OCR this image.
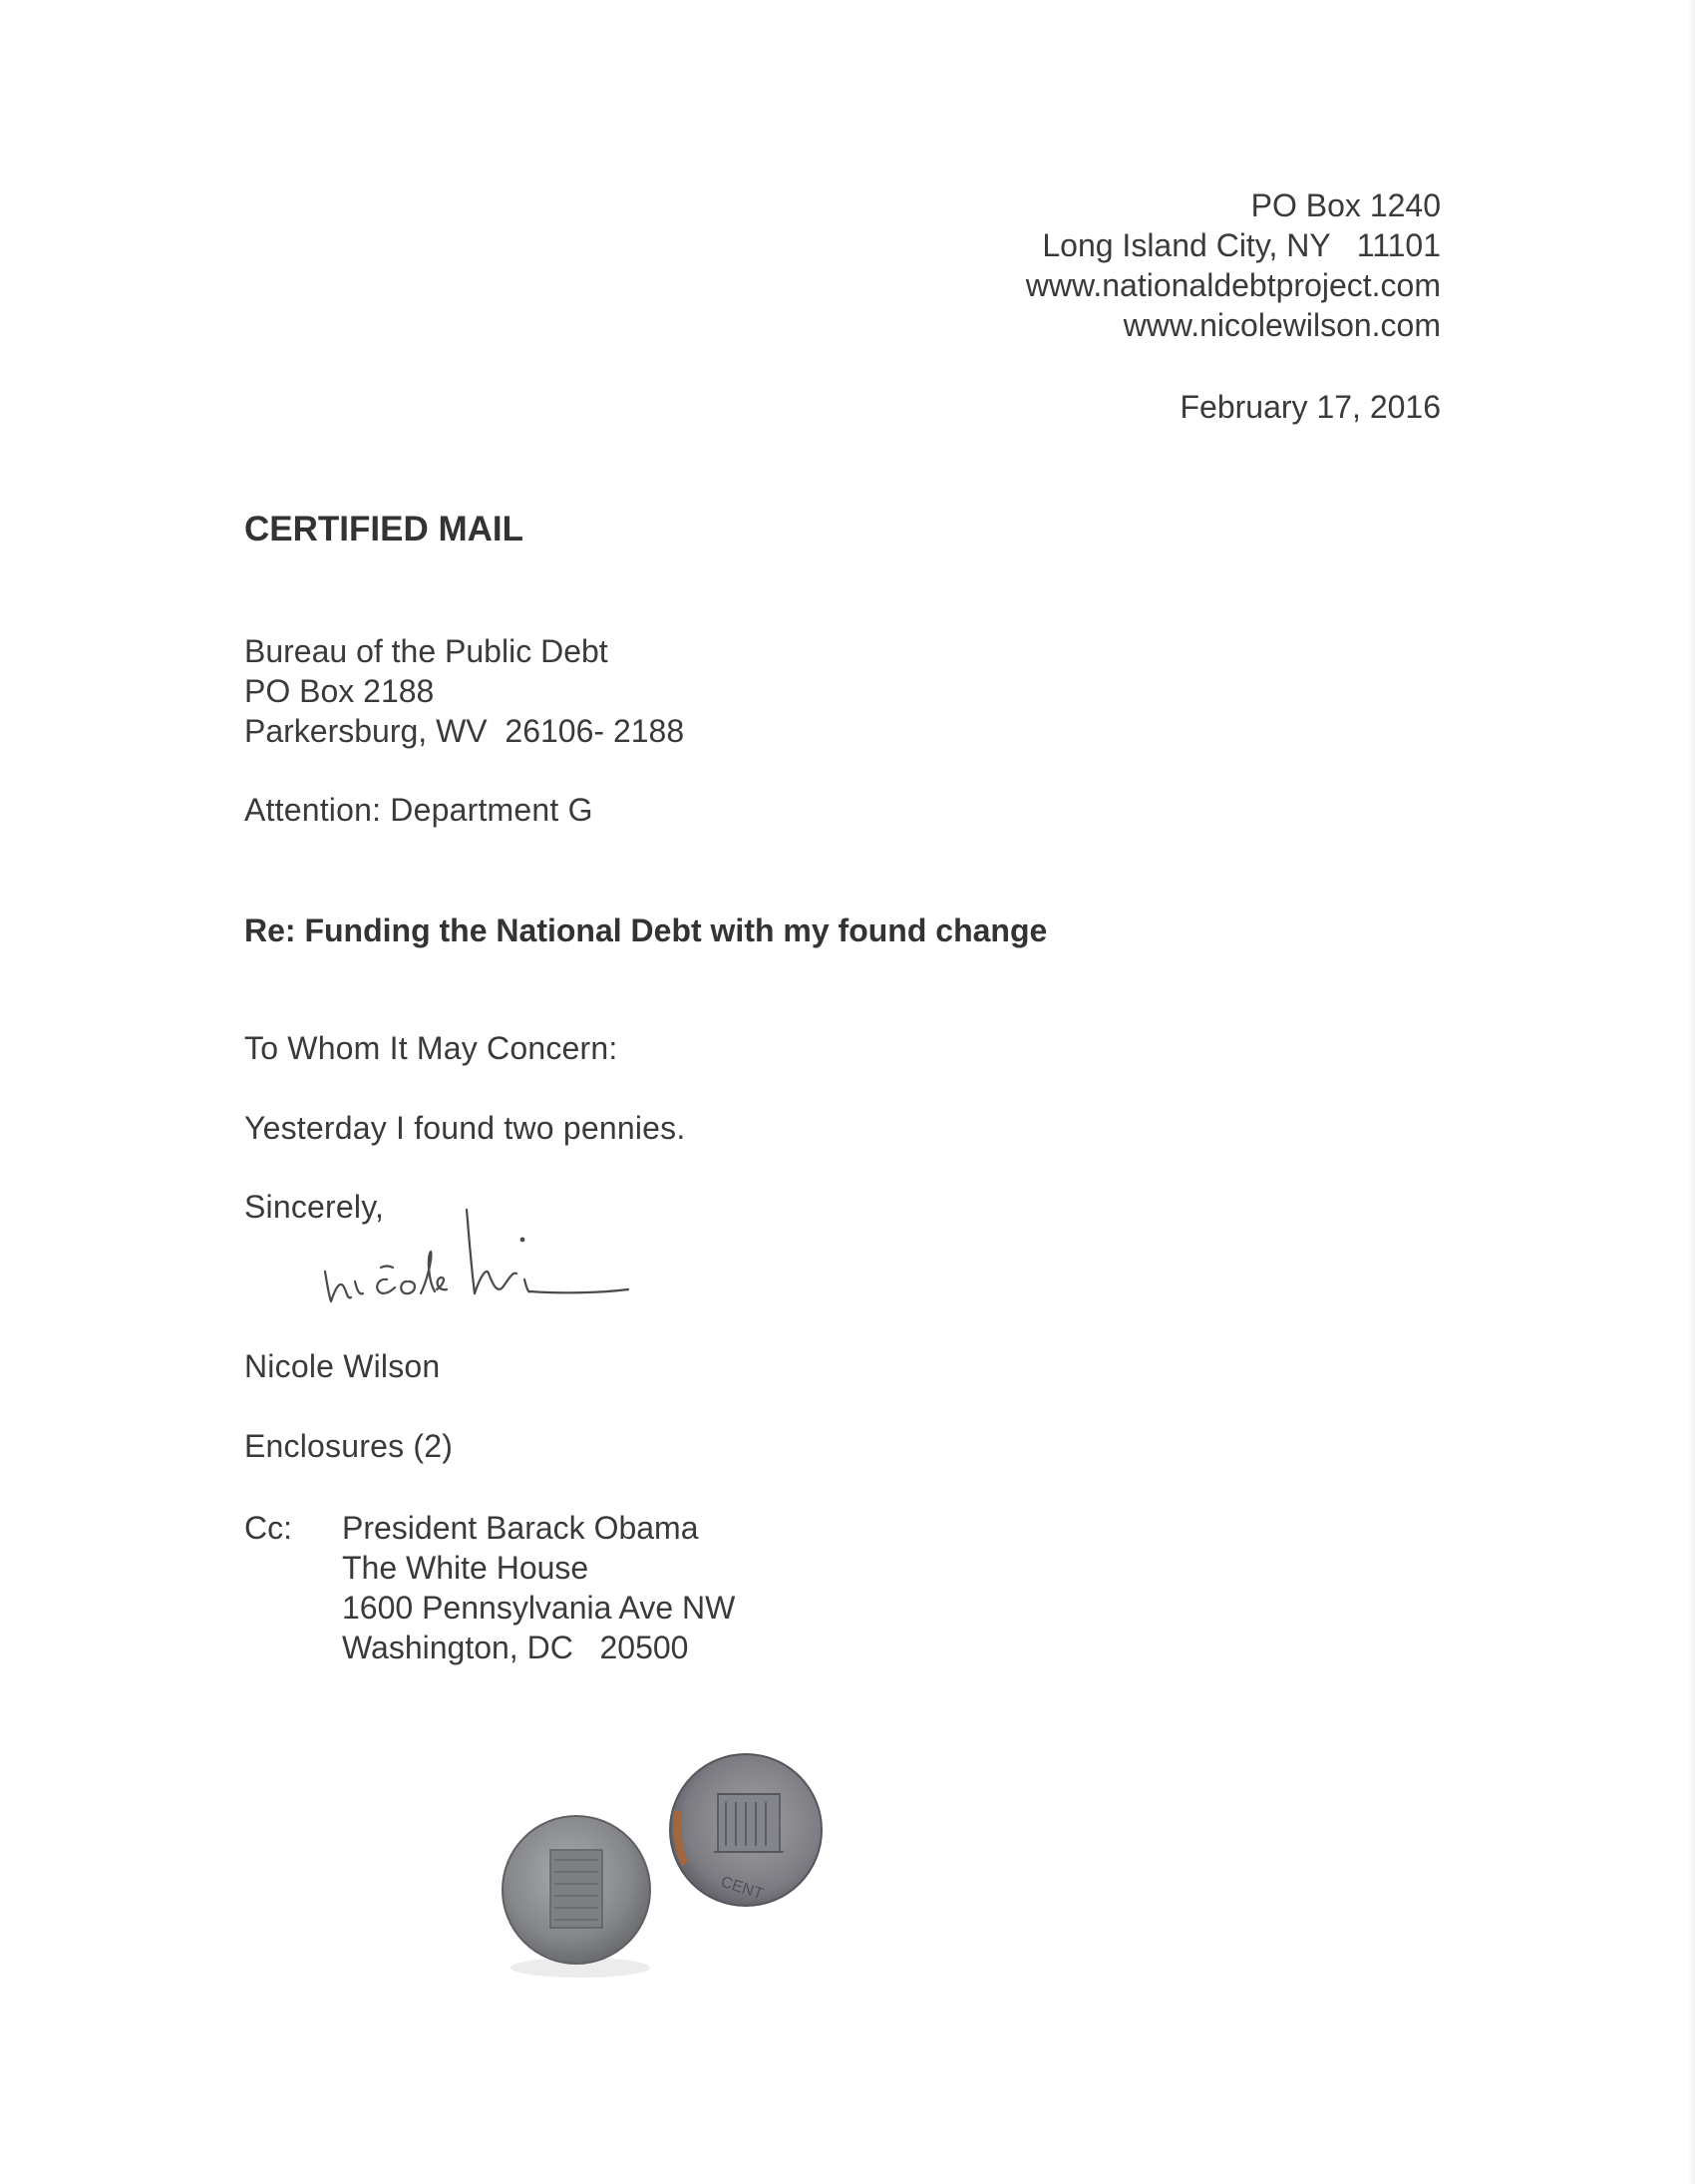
PO Box 1240
Long Island City, NY   11101
www.nationaldebtproject.com
www.nicolewilson.com
February 17, 2016
CERTIFIED MAIL
Bureau of the Public Debt
PO Box 2188
Parkersburg, WV  26106- 2188
Attention: Department G
Re: Funding the National Debt with my found change
To Whom It May Concern:
Yesterday I found two pennies.
Sincerely,
Nicole Wilson
Enclosures (2)
Cc: President Barack Obama
The White House
1600 Pennsylvania Ave NW
Washington, DC   20500
CENT
